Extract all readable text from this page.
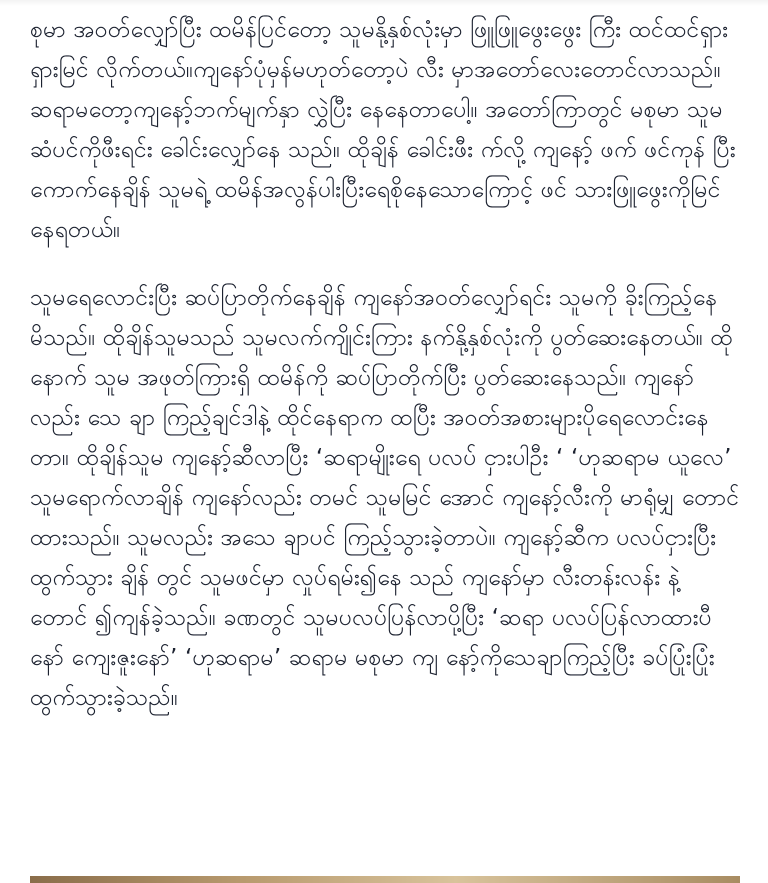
စုမာ အဝတ်လျှော်ပြီး ထမိန်ပြင်တော့ သူမနို့နှစ်လုံးမှာ ဖြူဖြူဖွေးဖွေး ကြီး ထင်ထင်ရှားရှားမြင် လိုက်တယ်။ကျနော်ပုံမှန်မဟုတ်တော့ပဲ လီး မှာအတော်လေးတောင်လာသည်။ ဆရာမတော့ကျနော့်ဘက်မျက်နှာ လွှဲပြီး နေနေတာပေါ့။ အတော်ကြာတွင် မစုမာ သူမဆံပင်ကိုဖီးရင်း ခေါင်းလျှော်နေ သည်။ ထိုချိန် ခေါင်းဖီး က်လို့ ကျနော့် ဖက် ဖင်ကုန် ပြီးကောက်နေချိန် သူမရဲ့ ထမိန်အလွန်ပါးပြီးရေစိုနေသောကြောင့် ဖင် သားဖြူဖွေးကိုမြင်နေရတယ်။

သူမရေလောင်းပြီး ဆပ်ပြာတိုက်နေချိန် ကျနော်အဝတ်လျှော်ရင်း သူမကို ခိုးကြည့်နေမိသည်။ ထိုချိန်သူမသည် သူမလက်ကျိုင်းကြား နက်နို့နှစ်လုံးကို ပွတ်ဆေးနေတယ်။ ထိုနောက် သူမ အဖုတ်ကြားရှိ ထမိန်ကို ဆပ်ပြာတိုက်ပြီး ပွတ်ဆေးနေသည်။ ကျနော်လည်း သေ ချာ ကြည့်ချင်ဒါနဲ့ ထိုင်နေရာက ထပြီး အဝတ်အစားများပိုရေလောင်းနေ တာ။ ထိုချိန်သူမ ကျနော့်ဆီလာပြီး ‘ဆရာမျိုးရေ ပလပ် ငှားပါဦး ‘ ‘ဟုဆရာမ ယူလေ’ သူမရောက်လာချိန် ကျနော်လည်း တမင် သူမမြင် အောင် ကျနော့်လီးကို မာရုံမျှ တောင်ထားသည်။ သူမလည်း အသေ ချာပင် ကြည့်သွားခဲ့တာပဲ။ ကျနော့်ဆီက ပလပ်ငှားပြီးထွက်သွား ချိန် တွင် သူမဖင်မှာ လှုပ်ရမ်း၍နေ သည် ကျနော်မှာ လီးတန်းလန်း နဲ့ တောင် ၍ကျန်ခဲ့သည်။ ခဏတွင် သူမပလပ်ပြန်လာပို့ပြီး ‘ဆရာ ပလပ်ပြန်လာထားပီနော် ကျေးဇူးနော်’ ‘ဟုဆရာမ’ ဆရာမ မစုမာ ကျ နော့်ကိုသေချာကြည့်ပြီး ခပ်ပြုံးပြုံးထွက်သွားခဲ့သည်။
